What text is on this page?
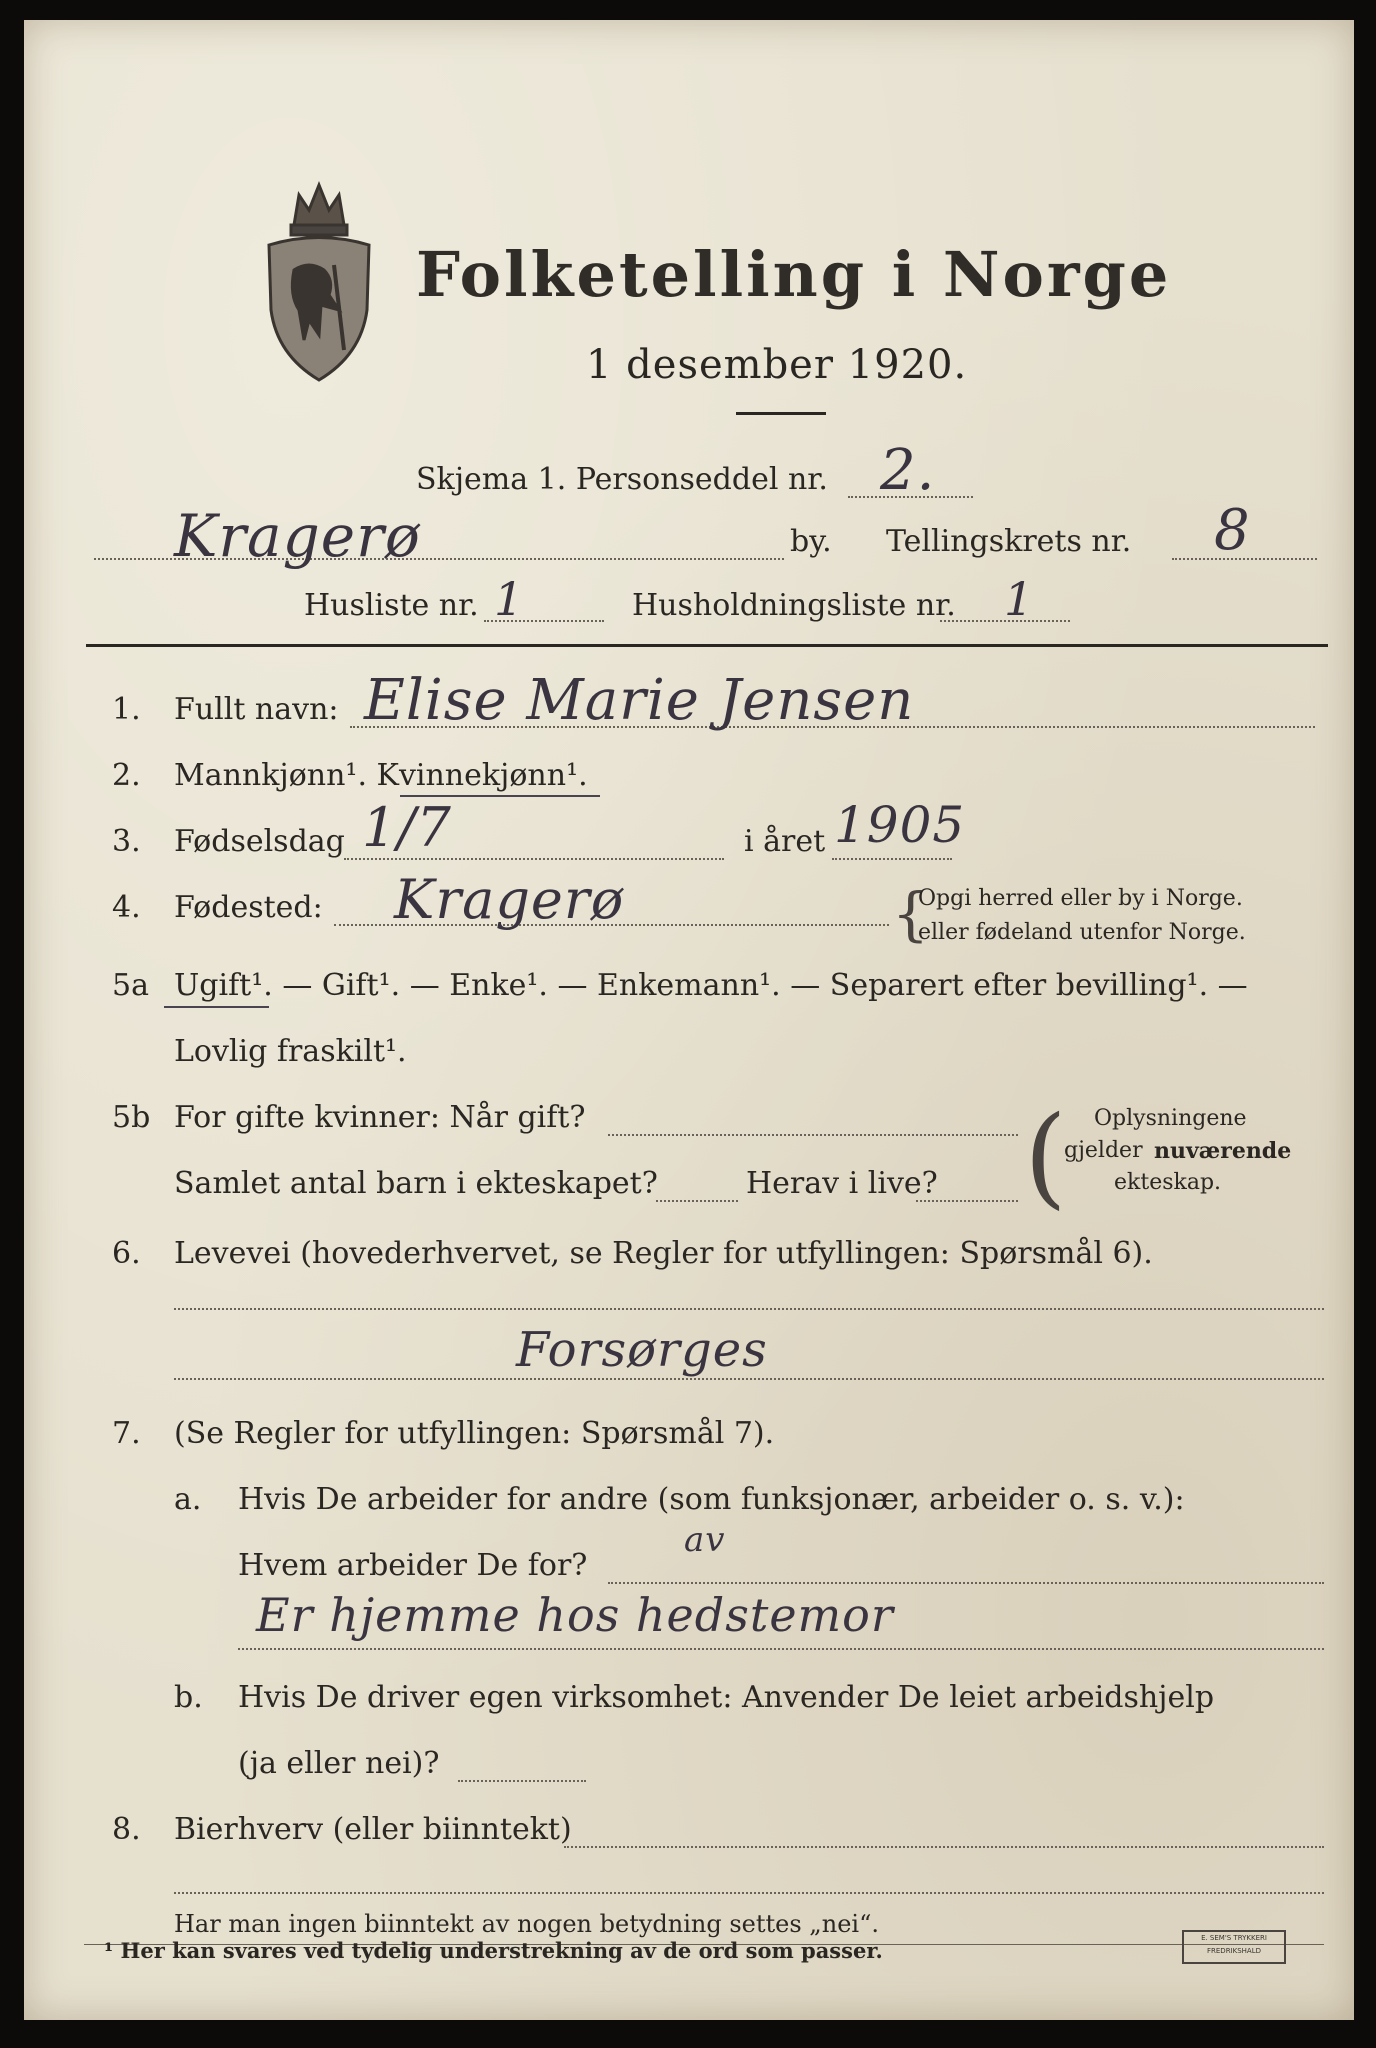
Folketelling i Norge
1 desember 1920.
Skjema 1. Personseddel nr. 2.
Kragerø	by. Tellingskrets nr. 8
Husliste nr. 1	Husholdningsliste nr. 1
1. Fullt navn: Elise Marie Jensen
2. Mannkjønn¹. Kvinnekjønn¹.
3. Fødselsdag 1/7	i året 1905
4. Fødested: Kragerø	{
Opgi herred eller by i Norge.
eller fødeland utenfor Norge.
5a Ugift¹. — Gift¹. — Enke¹. — Enkemann¹. — Separert efter bevilling¹. —
Lovlig fraskilt¹.
5b For gifte kvinner: Når gift?
Samlet antal barn i ekteskapet?	Herav i live? ( Oplysningene
gjelder nuværende
ekteskap.
6. Levevei (hovederhvervet, se Regler for utfyllingen: Spørsmål 6).
Forsørges
7. (Se Regler for utfyllingen: Spørsmål 7).
a. Hvis De arbeider for andre (som funksjonær, arbeider o. s. v.):
Hvem arbeider De for?
av
Er hjemme hos hedstemor
b. Hvis De driver egen virksomhet: Anvender De leiet arbeidshjelp
(ja eller nei)?
8. Bierhverv (eller biinntekt)
Har man ingen biinntekt av nogen betydning settes „nei“.
¹ Her kan svares ved tydelig understrekning av de ord som passer.	E. SEM'S TRYKKERI FREDRIKSHALD
